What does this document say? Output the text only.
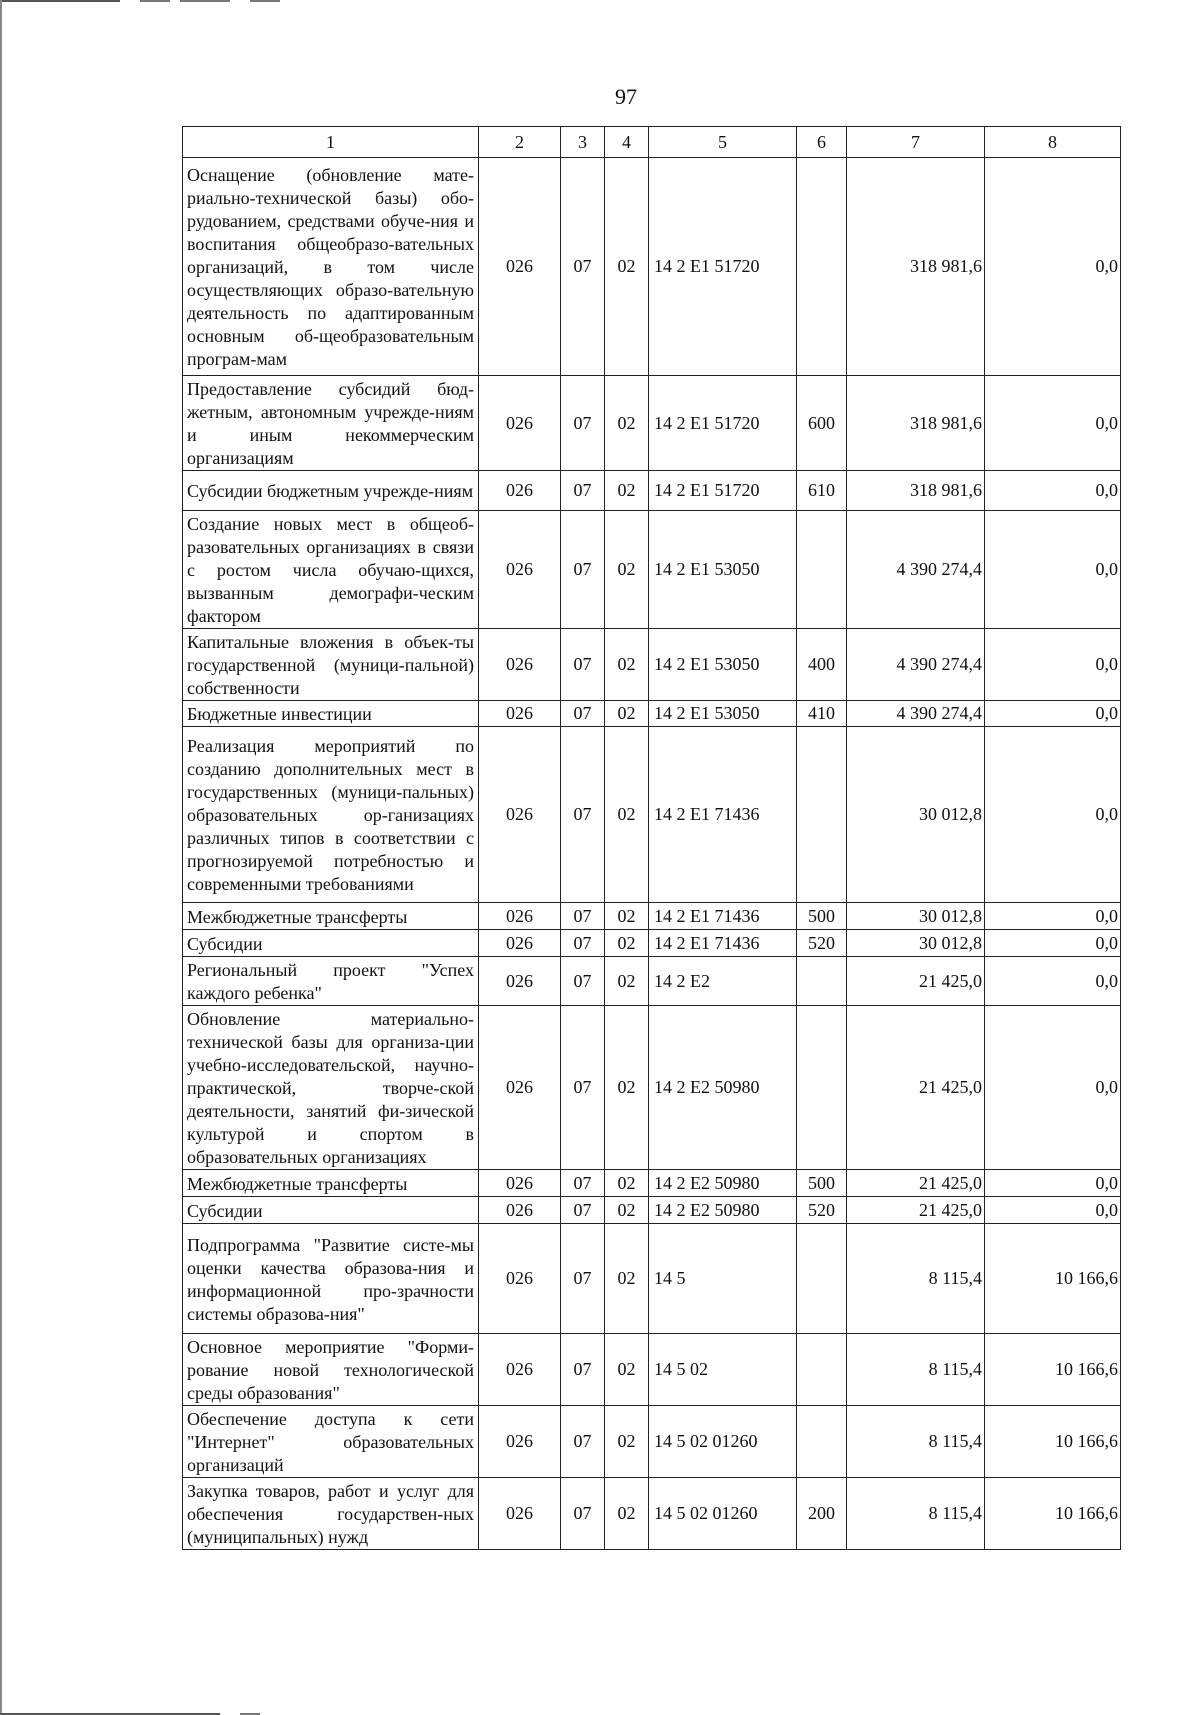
97
1	2	3	4	5	6	7	8
Оснащение (обновление мате-риально-технической базы) обо-рудованием, средствами обуче-ния и воспитания общеобразо-вательных организаций, в том числе осуществляющих образо-вательную деятельность по адаптированным основным об-щеобразовательным програм-мам	026	07	02	14 2 E1 51720		318 981,6	0,0
Предоставление субсидий бюд-жетным, автономным учрежде-ниям и иным некоммерческим организациям	026	07	02	14 2 E1 51720	600	318 981,6	0,0
Субсидии бюджетным учрежде-ниям	026	07	02	14 2 E1 51720	610	318 981,6	0,0
Создание новых мест в общеоб-разовательных организациях в связи с ростом числа обучаю-щихся, вызванным демографи-ческим фактором	026	07	02	14 2 E1 53050		4 390 274,4	0,0
Капитальные вложения в объек-ты государственной (муници-пальной) собственности	026	07	02	14 2 E1 53050	400	4 390 274,4	0,0
Бюджетные инвестиции	026	07	02	14 2 E1 53050	410	4 390 274,4	0,0
Реализация мероприятий по созданию дополнительных мест в государственных (муници-пальных) образовательных ор-ганизациях различных типов в соответствии с прогнозируемой потребностью и современными требованиями	026	07	02	14 2 E1 71436		30 012,8	0,0
Межбюджетные трансферты	026	07	02	14 2 E1 71436	500	30 012,8	0,0
Субсидии	026	07	02	14 2 E1 71436	520	30 012,8	0,0
Региональный проект "Успех каждого ребенка"	026	07	02	14 2 E2		21 425,0	0,0
Обновление материально-технической базы для организа-ции учебно-исследовательской, научно-практической, творче-ской деятельности, занятий фи-зической культурой и спортом в образовательных организациях	026	07	02	14 2 E2 50980		21 425,0	0,0
Межбюджетные трансферты	026	07	02	14 2 E2 50980	500	21 425,0	0,0
Субсидии	026	07	02	14 2 E2 50980	520	21 425,0	0,0
Подпрограмма "Развитие систе-мы оценки качества образова-ния и информационной про-зрачности системы образова-ния"	026	07	02	14 5		8 115,4	10 166,6
Основное мероприятие "Форми-рование новой технологической среды образования"	026	07	02	14 5 02		8 115,4	10 166,6
Обеспечение доступа к сети "Интернет" образовательных организаций	026	07	02	14 5 02 01260		8 115,4	10 166,6
Закупка товаров, работ и услуг для обеспечения государствен-ных (муниципальных) нужд	026	07	02	14 5 02 01260	200	8 115,4	10 166,6
